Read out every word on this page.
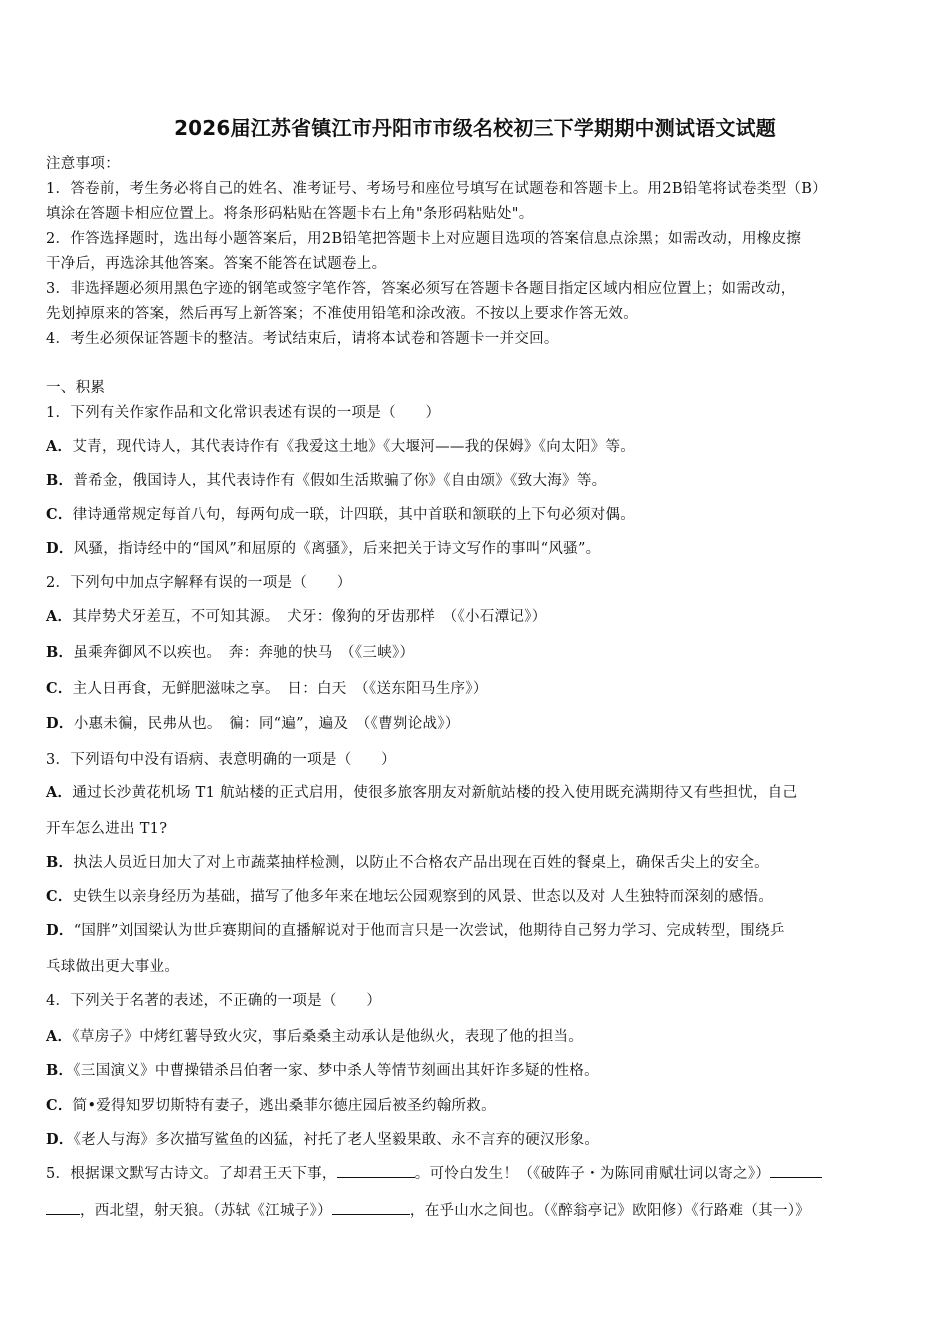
2026届江苏省镇江市丹阳市市级名校初三下学期期中测试语文试题
注意事项：
1．答卷前，考生务必将自己的姓名、准考证号、考场号和座位号填写在试题卷和答题卡上。用2B铅笔将试卷类型（B）
填涂在答题卡相应位置上。将条形码粘贴在答题卡右上角"条形码粘贴处"。
2．作答选择题时，选出每小题答案后，用2B铅笔把答题卡上对应题目选项的答案信息点涂黑；如需改动，用橡皮擦
干净后，再选涂其他答案。答案不能答在试题卷上。
3．非选择题必须用黑色字迹的钢笔或签字笔作答，答案必须写在答题卡各题目指定区域内相应位置上；如需改动，
先划掉原来的答案，然后再写上新答案；不准使用铅笔和涂改液。不按以上要求作答无效。
4．考生必须保证答题卡的整洁。考试结束后，请将本试卷和答题卡一并交回。
一、积累
1．下列有关作家作品和文化常识表述有误的一项是（　　）
A．艾青，现代诗人，其代表诗作有《我爱这土地》《大堰河——我的保姆》《向太阳》等。
B．普希金，俄国诗人，其代表诗作有《假如生活欺骗了你》《自由颂》《致大海》等。
C．律诗通常规定每首八句，每两句成一联，计四联，其中首联和颔联的上下句必须对偶。
D．风骚，指诗经中的“国风”和屈原的《离骚》，后来把关于诗文写作的事叫“风骚”。
2．下列句中加点字解释有误的一项是（　　）
A．其岸势犬牙差互，不可知其源。　犬牙：像狗的牙齿那样　（《小石潭记》）
B．虽乘奔御风不以疾也。　奔：奔驰的快马　（《三峡》）
C．主人日再食，无鲜肥滋味之享。　日：白天　（《送东阳马生序》）
D．小惠未徧，民弗从也。　徧：同“遍”，遍及　（《曹刿论战》）
3．下列语句中没有语病、表意明确的一项是（　　）
A．通过长沙黄花机场 T1 航站楼的正式启用，使很多旅客朋友对新航站楼的投入使用既充满期待又有些担忧，自己
开车怎么进出 T1?
B．执法人员近日加大了对上市蔬菜抽样检测，以防止不合格农产品出现在百姓的餐桌上，确保舌尖上的安全。
C．史铁生以亲身经历为基础，描写了他多年来在地坛公园观察到的风景、世态以及对 人生独特而深刻的感悟。
D．“国胖”刘国梁认为世乒赛期间的直播解说对于他而言只是一次尝试，他期待自己努力学习、完成转型，围绕乒
乓球做出更大事业。
4．下列关于名著的表述，不正确的一项是（　　）
A．《草房子》中烤红薯导致火灾，事后桑桑主动承认是他纵火，表现了他的担当。
B．《三国演义》中曹操错杀吕伯奢一家、梦中杀人等情节刻画出其奸诈多疑的性格。
C．简•爱得知罗切斯特有妻子，逃出桑菲尔德庄园后被圣约翰所救。
D．《老人与海》多次描写鲨鱼的凶猛，衬托了老人坚毅果敢、永不言弃的硬汉形象。
5．根据课文默写古诗文。了却君王天下事，	。可怜白发生！（《破阵子・为陈同甫赋壮词以寄之》）
，西北望，射天狼。（苏轼《江城子》）	，在乎山水之间也。（《醉翁亭记》欧阳修）《行路难（其一）》
